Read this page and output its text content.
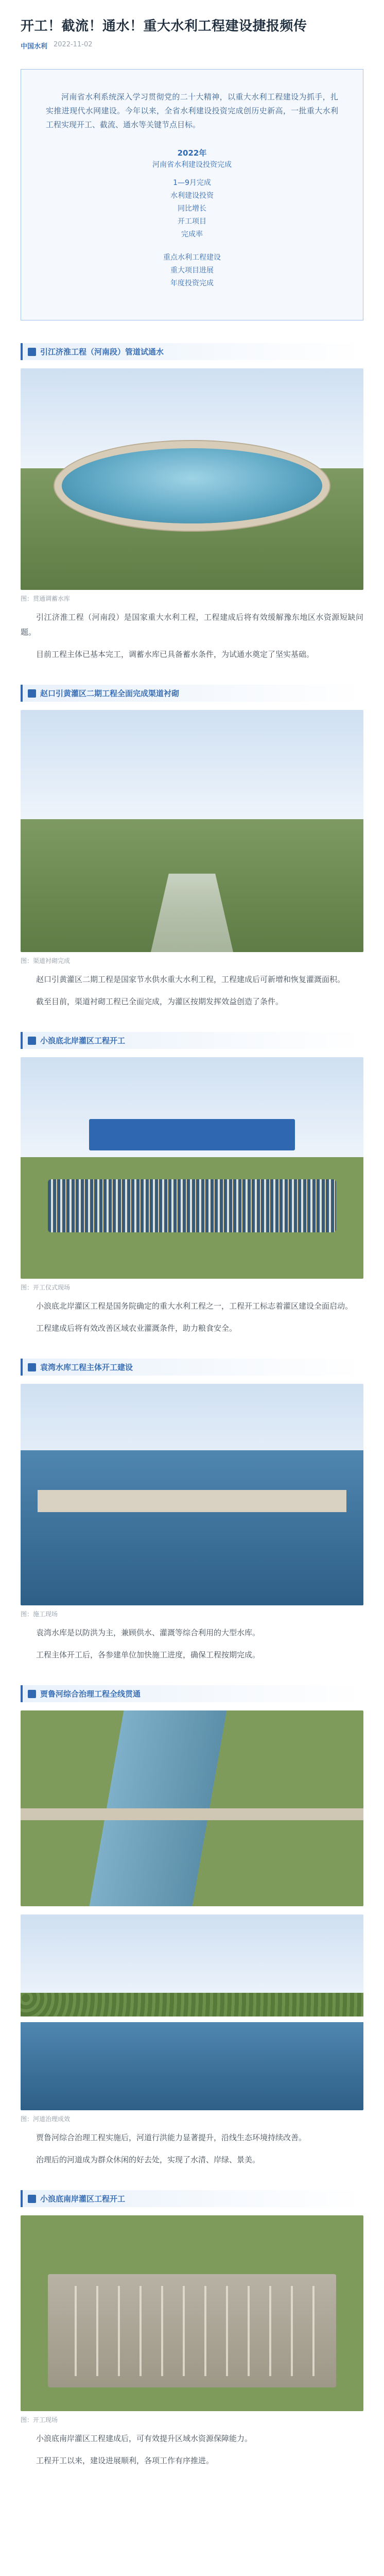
开工！截流！通水！重大水利工程建设捷报频传
中国水利 2022-11-02
河南省水利系统深入学习贯彻党的二十大精神，以重大水利工程建设为抓手，扎实推进现代水网建设。今年以来，全省水利建设投资完成创历史新高，一批重大水利工程实现开工、截流、通水等关键节点目标。
2022年
河南省水利建设投资完成
1—9月完成
水利建设投资
同比增长
开工项目
完成率
重点水利工程建设
重大项目进展
年度投资完成
引江济淮工程（河南段）管道试通水
图：贯通调蓄水库
引江济淮工程（河南段）是国家重大水利工程，工程建成后将有效缓解豫东地区水资源短缺问题。
目前工程主体已基本完工，调蓄水库已具备蓄水条件，为试通水奠定了坚实基础。
赵口引黄灌区二期工程全面完成渠道衬砌
图：渠道衬砌完成
赵口引黄灌区二期工程是国家节水供水重大水利工程，工程建成后可新增和恢复灌溉面积。
截至目前，渠道衬砌工程已全面完成，为灌区按期发挥效益创造了条件。
小浪底北岸灌区工程开工
图：开工仪式现场
小浪底北岸灌区工程是国务院确定的重大水利工程之一，工程开工标志着灌区建设全面启动。
工程建成后将有效改善区域农业灌溉条件，助力粮食安全。
袁湾水库工程主体开工建设
图：施工现场
袁湾水库是以防洪为主，兼顾供水、灌溉等综合利用的大型水库。
工程主体开工后，各参建单位加快施工进度，确保工程按期完成。
贾鲁河综合治理工程全线贯通
图：河道治理成效
贾鲁河综合治理工程实施后，河道行洪能力显著提升，沿线生态环境持续改善。
治理后的河道成为群众休闲的好去处，实现了水清、岸绿、景美。
小浪底南岸灌区工程开工
图：开工现场
小浪底南岸灌区工程建成后，可有效提升区域水资源保障能力。
工程开工以来，建设进展顺利，各项工作有序推进。
